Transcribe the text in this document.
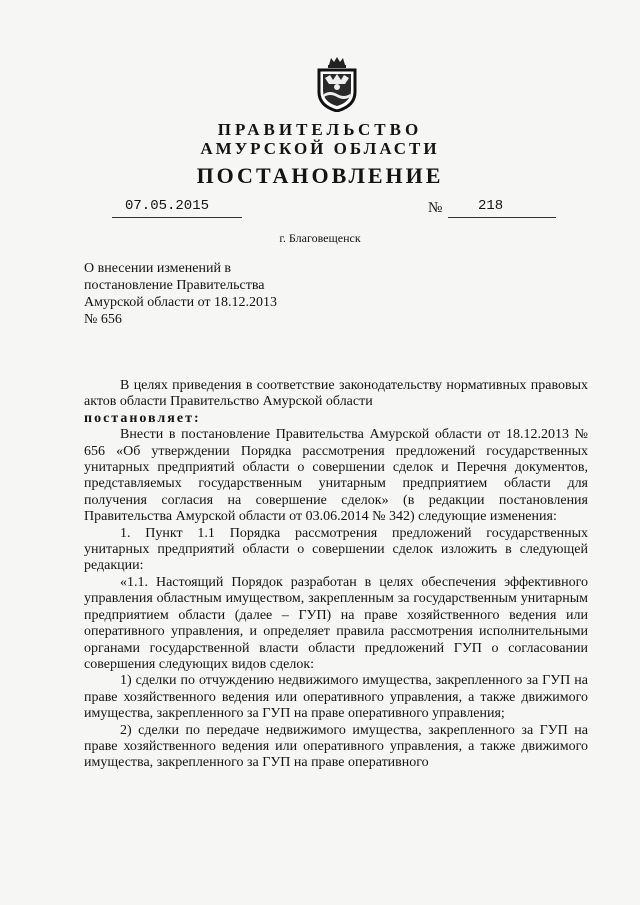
ПРАВИТЕЛЬСТВО
АМУРСКОЙ ОБЛАСТИ
ПОСТАНОВЛЕНИЕ
07.05.2015	№	218
г. Благовещенск
О внесении изменений в
постановление Правительства
Амурской области от 18.12.2013
№ 656

В целях приведения в соответствие законодательству нормативных правовых актов области Правительство Амурской области

постановляет:

Внести в постановление Правительства Амурской области от 18.12.2013 № 656 «Об утверждении Порядка рассмотрения предложений государственных унитарных предприятий области о совершении сделок и Перечня документов, представляемых государственным унитарным предприятием области для получения согласия на совершение сделок» (в редакции постановления Правительства Амурской области от 03.06.2014 № 342) следующие изменения:

1. Пункт 1.1 Порядка рассмотрения предложений государственных унитарных предприятий области о совершении сделок изложить в следующей редакции:

«1.1. Настоящий Порядок разработан в целях обеспечения эффективного управления областным имуществом, закрепленным за государственным унитарным предприятием области (далее – ГУП) на праве хозяйственного ведения или оперативного управления, и определяет правила рассмотрения исполнительными органами государственной власти области предложений ГУП о согласовании совершения следующих видов сделок:

1) сделки по отчуждению недвижимого имущества, закрепленного за ГУП на праве хозяйственного ведения или оперативного управления, а также движимого имущества, закрепленного за ГУП на праве оперативного управления;

2) сделки по передаче недвижимого имущества, закрепленного за ГУП на праве хозяйственного ведения или оперативного управления, а также движимого имущества, закрепленного за ГУП на праве оперативного
